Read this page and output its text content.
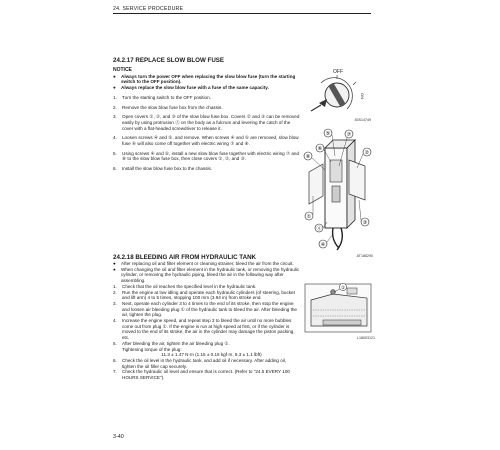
24. SERVICE PROCEDURE
24.2.17 REPLACE SLOW BLOW FUSE
NOTICE
●	Always turn the power OFF when replacing the slow blow fuse (turn the starting switch to the OFF position).
●	Always replace the slow blow fuse with a fuse of the same capacity.
1.	Turn the starting switch to the OFF position.
2.	Remove the slow blow fuse box from the chassis.
3.	Open covers ①, ②, and ③ of the slow blow fuse box. Covers ② and ③ can be removed easily by using protrusion Ⓐ on the body as a fulcrum and levering the catch of the cover with a flat-headed screwdriver to release it.
4.	Loosen screws ④ and ⑤, and remove. When screws ④ and ⑤ are removed, slow blow fuse ⑥ will also come off together with electric wiring ⑦ and ⑧.
5.	Using screws ④ and ⑤, install a new slow blow fuse together with electric wiring ⑦ and ⑧ to the slow blow fuse box, then close covers ①, ②, and ③.
6.	Install the slow blow fuse box to the chassis.
24.2.18 BLEEDING AIR FROM HYDRAULIC TANK
●	After replacing oil and filter element or cleaning strainer, bleed the air from the circuit.
●	When changing the oil and filter element in the hydraulic tank, or removing the hydraulic cylinder, or removing the hydraulic piping, bleed the air in the following way after assembling.
1.	Check that the oil reaches the specified level in the hydraulic tank.
2.	Run the engine at low idling and operate each hydraulic cylinders (of steering, bucket and lift arm) 4 to 5 times, stopping 100 mm (3.94 in) from stroke end.
3.	Next, operate each cylinder 3 to 4 times to the end of its stroke, then stop the engine and loosen air bleeding plug ① of the hydraulic tank to bleed the air. After bleeding the air, tighten the plug.
4.	Increase the engine speed, and repeat step 3 to bleed the air until no more bubbles come out from plug ①. If the engine is run at high speed at first, or if the cylinder is moved to the end of its stroke, the air in the cylinder may damage the piston packing, etc.
5.	After bleeding the air, tighten the air bleeding plug ①.
Tightening torque of the plug:

11.3 ± 1.47 N·m (1.15 ± 0.15 kgf·m, 8.3 ± 1.1 lbft)
6.	Check the oil level in the hydraulic tank, and add oil if necessary. After adding oil, tighten the oil filler cap securely.
7.	Check the hydraulic oil level and ensure that is correct. (Refer to "24.5 EVERY 100 HOURS SERVICE").
OFF
ON
83S14749
⑤
⑧
⑥
⑦
②
①
Ⓐ
④
③
AT188290
①
L18003121
3-40
